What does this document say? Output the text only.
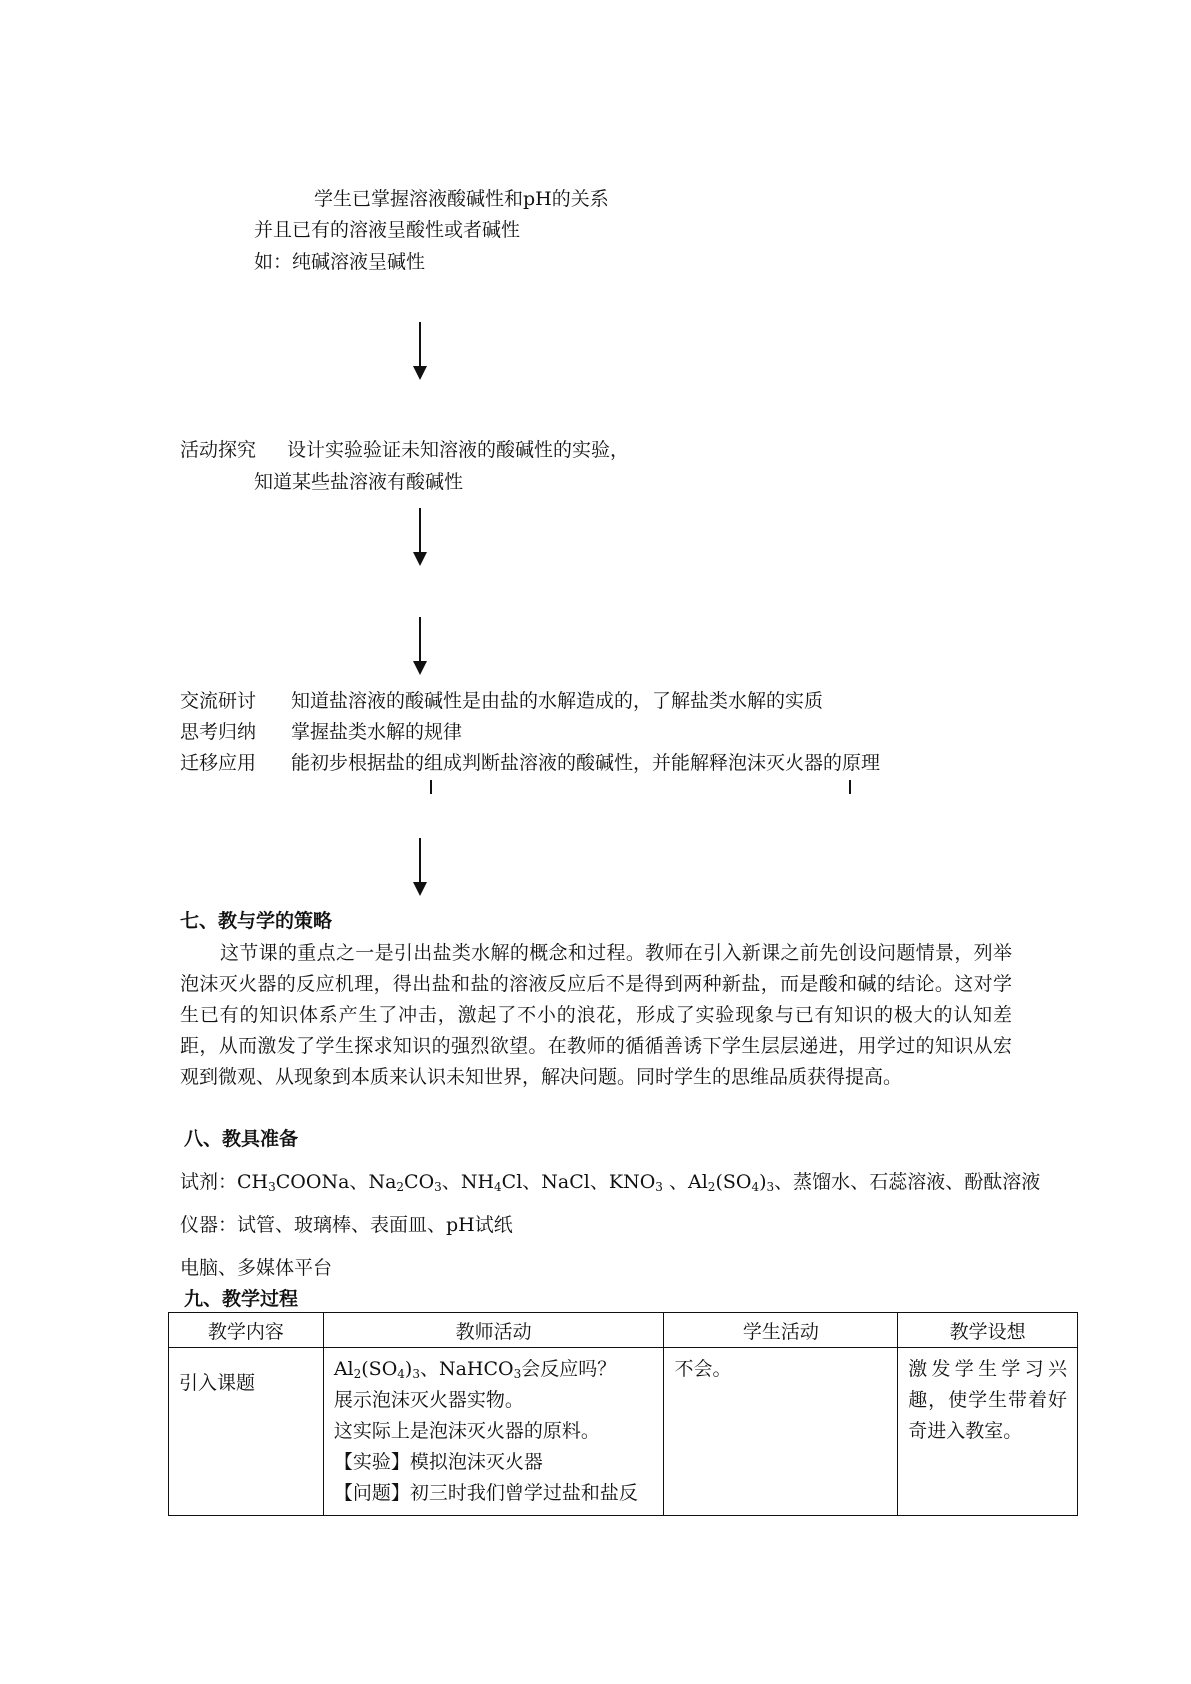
学生已掌握溶液酸碱性和pH的关系
并且已有的溶液呈酸性或者碱性
如：纯碱溶液呈碱性
活动探究 设计实验验证未知溶液的酸碱性的实验，
知道某些盐溶液有酸碱性
交流研讨 知道盐溶液的酸碱性是由盐的水解造成的，了解盐类水解的实质
思考归纳 掌握盐类水解的规律
迁移应用 能初步根据盐的组成判断盐溶液的酸碱性，并能解释泡沫灭火器的原理
七、教与学的策略
这节课的重点之一是引出盐类水解的概念和过程。教师在引入新课之前先创设问题情景，列举泡沫灭火器的反应机理，得出盐和盐的溶液反应后不是得到两种新盐，而是酸和碱的结论。这对学生已有的知识体系产生了冲击，激起了不小的浪花，形成了实验现象与已有知识的极大的认知差距，从而激发了学生探求知识的强烈欲望。在教师的循循善诱下学生层层递进，用学过的知识从宏观到微观、从现象到本质来认识未知世界，解决问题。同时学生的思维品质获得提高。
八、教具准备
试剂：$CH_3COONa$、$Na_2CO_3$、$NH_4Cl$、NaCl、$KNO_3$ 、$Al_2(SO_4)_3$、蒸馏水、石蕊溶液、酚酞溶液
仪器：试管、玻璃棒、表面皿、pH试纸
电脑、多媒体平台
九、教学过程
教学内容	教师活动	学生活动	教学设想
引入课题	$Al_2(SO_4)_3$、NaHCO$_3$会反应吗？
展示泡沫灭火器实物。
这实际上是泡沫灭火器的原料。
【实验】模拟泡沫灭火器
【问题】初三时我们曾学过盐和盐反	不会。	激发学生学习兴趣，使学生带着好奇进入教室。
